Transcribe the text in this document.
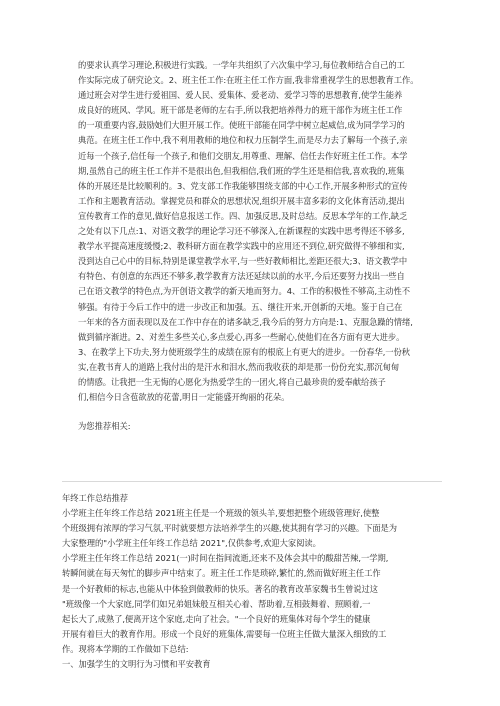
的要求认真学习理论,积极进行实践。一学年共组织了六次集中学习,每位教师结合自己的工
作实际完成了研究论文。2、班主任工作:在班主任工作方面,我非常重视学生的思想教育工作。
通过班会对学生进行爱祖国、爱人民、爱集体、爱老动、爱学习等的思想教育,使学生能养
成良好的班风、学风。班干部是老师的左右手,所以我把培养得力的班干部作为班主任工作
的一项重要内容,鼓励她们大胆开展工作。使班干部能在同学中树立起威信,成为同学学习的
典范。在班主任工作中,我不利用教师的地位和权力压制学生,而是尽力去了解每一个孩子,亲
近每一个孩子,信任每一个孩子,和他们交朋友,用尊重、理解、信任去作好班主任工作。本学
期,虽然自己的班主任工作并不是很出色,但我相信,我们班的学生还是相信我,喜欢我的,班集
体的开展还是比较顺利的。3、党支部工作我能够围绕支部的中心工作,开展多种形式的宣传
工作和主题教育活动。掌握党员和群众的思想状况,组织开展丰富多彩的文化体育活动,提出
宣传教育工作的意见,做好信息报送工作。四、加强反思,及时总结。反思本学年的工作,缺乏
之处有以下几点:1、对语文教学的理论学习还不够深入,在新课程的实践中思考得还不够多,
教学水平提高速度缓慢;2、教科研方面在教学实践中的应用还不到位,研究做得不够细和实,
没到达自己心中的目标,特别是课堂教学水平,与一些好教师相比,差距还很大;3、语文教学中
有特色、有创意的东西还不够多,教学教育方法还延续以前的水平,今后还要努力找出一些自
己在语文教学的特色点,为开创语文教学的新天地而努力。4、工作的积极性不够高,主动性不
够强。有待于今后工作中的进一步改正和加强。五、继往开来,开创新的天地。鉴于自己在
一年来的各方面表现以及在工作中存在的诸多缺乏,我今后的努力方向是:1、克服急躁的情绪,
做到循序渐进。2、对差生多些关心,多点爱心,再多一些耐心,使他们在各方面有更大进步。
3、在教学上下功夫,努力使班级学生的成绩在原有的根底上有更大的进步。一份春华,一份秋
实,在教书育人的道路上我付出的是汗水和泪水,然而我收获的却是那一份份充实,那沉甸甸
的情感。让我把一生无悔的心愿化为热爱学生的一团火,将自己最珍贵的爱奉献给孩子
们,相信今日含苞欲放的花蕾,明日一定能盛开绚丽的花朵。
为您推荐相关:
年终工作总结推荐
小学班主任年终工作总结 2021班主任是一个班级的领头羊,要想把整个班级管理好,使整
个班级拥有浓厚的学习气氛,平时就要想方法培养学生的兴趣,使其拥有学习的兴趣。下面是为
大家整理的"小学班主任年终工作总结 2021",仅供参考,欢迎大家阅读。
小学班主任年终工作总结 2021(一)时间在指间流逝,还来不及体会其中的酸甜苦辣,一学期,
转瞬间就在每天匆忙的脚步声中结束了。班主任工作是琐碎,繁忙的,然而做好班主任工作
是一个好教师的标志,也能从中体验到做教师的快乐。著名的教育改革家魏书生曾说过这
"班级像一个大家庭,同学们如兄弟姐妹般互相关心着、帮助着,互相鼓舞着、照顾着,一
起长大了,成熟了,便离开这个家庭,走向了社会。"一个良好的班集体对每个学生的健康
开展有着巨大的教育作用。形成一个良好的班集体,需要每一位班主任做大量深入细致的工
作。现将本学期的工作做如下总结:
一、加强学生的文明行为习惯和平安教育
